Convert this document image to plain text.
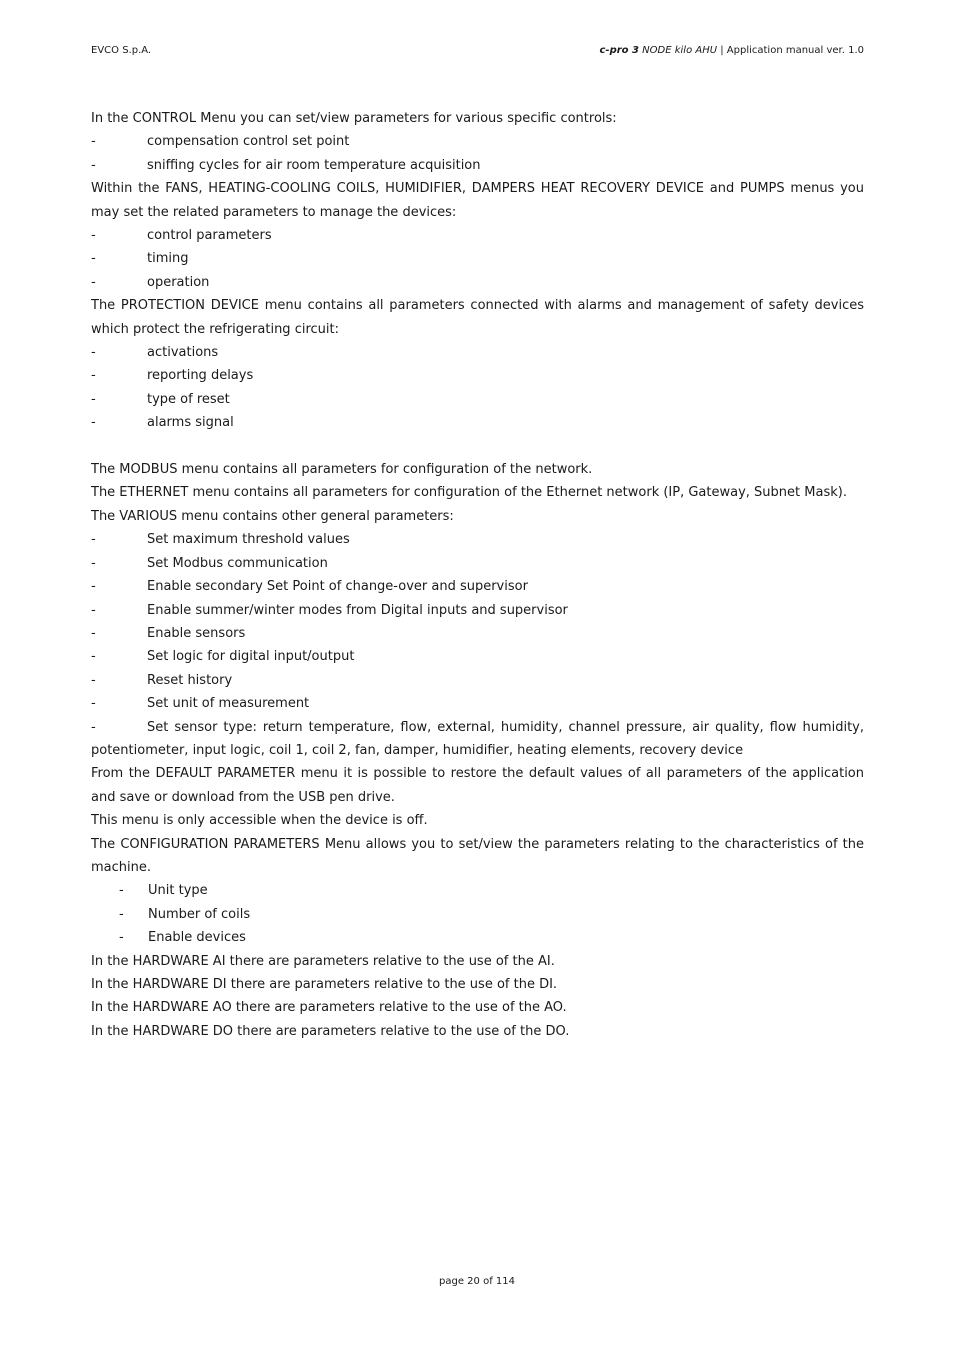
EVCO S.p.A.	c-pro 3 NODE kilo AHU | Application manual ver. 1.0

In the CONTROL Menu you can set/view parameters for various specific controls:

-	compensation control set point

-	sniffing cycles for air room temperature acquisition

Within the FANS, HEATING-COOLING COILS, HUMIDIFIER, DAMPERS HEAT RECOVERY DEVICE and PUMPS menus you may set the related parameters to manage the devices:

-	control parameters

-	timing

-	operation

The PROTECTION DEVICE menu contains all parameters connected with alarms and management of safety devices which protect the refrigerating circuit:

-	activations

-	reporting delays

-	type of reset

-	alarms signal

The MODBUS menu contains all parameters for configuration of the network.

The ETHERNET menu contains all parameters for configuration of the Ethernet network (IP, Gateway, Subnet Mask).

The VARIOUS menu contains other general parameters:

-	Set maximum threshold values

-	Set Modbus communication

-	Enable secondary Set Point of change-over and supervisor

-	Enable summer/winter modes from Digital inputs and supervisor

-	Enable sensors

-	Set logic for digital input/output

-	Reset history

-	Set unit of measurement

-	Set sensor type: return temperature, flow, external, humidity, channel pressure, air quality, flow humidity, potentiometer, input logic, coil 1, coil 2, fan, damper, humidifier, heating elements, recovery device

From the DEFAULT PARAMETER menu it is possible to restore the default values of all parameters of the application and save or download from the USB pen drive.

This menu is only accessible when the device is off.

The CONFIGURATION PARAMETERS Menu allows you to set/view the parameters relating to the characteristics of the machine.

- Unit type

- Number of coils

- Enable devices

In the HARDWARE AI there are parameters relative to the use of the AI.

In the HARDWARE DI there are parameters relative to the use of the DI.

In the HARDWARE AO there are parameters relative to the use of the AO.

In the HARDWARE DO there are parameters relative to the use of the DO.

page 20 of 114
